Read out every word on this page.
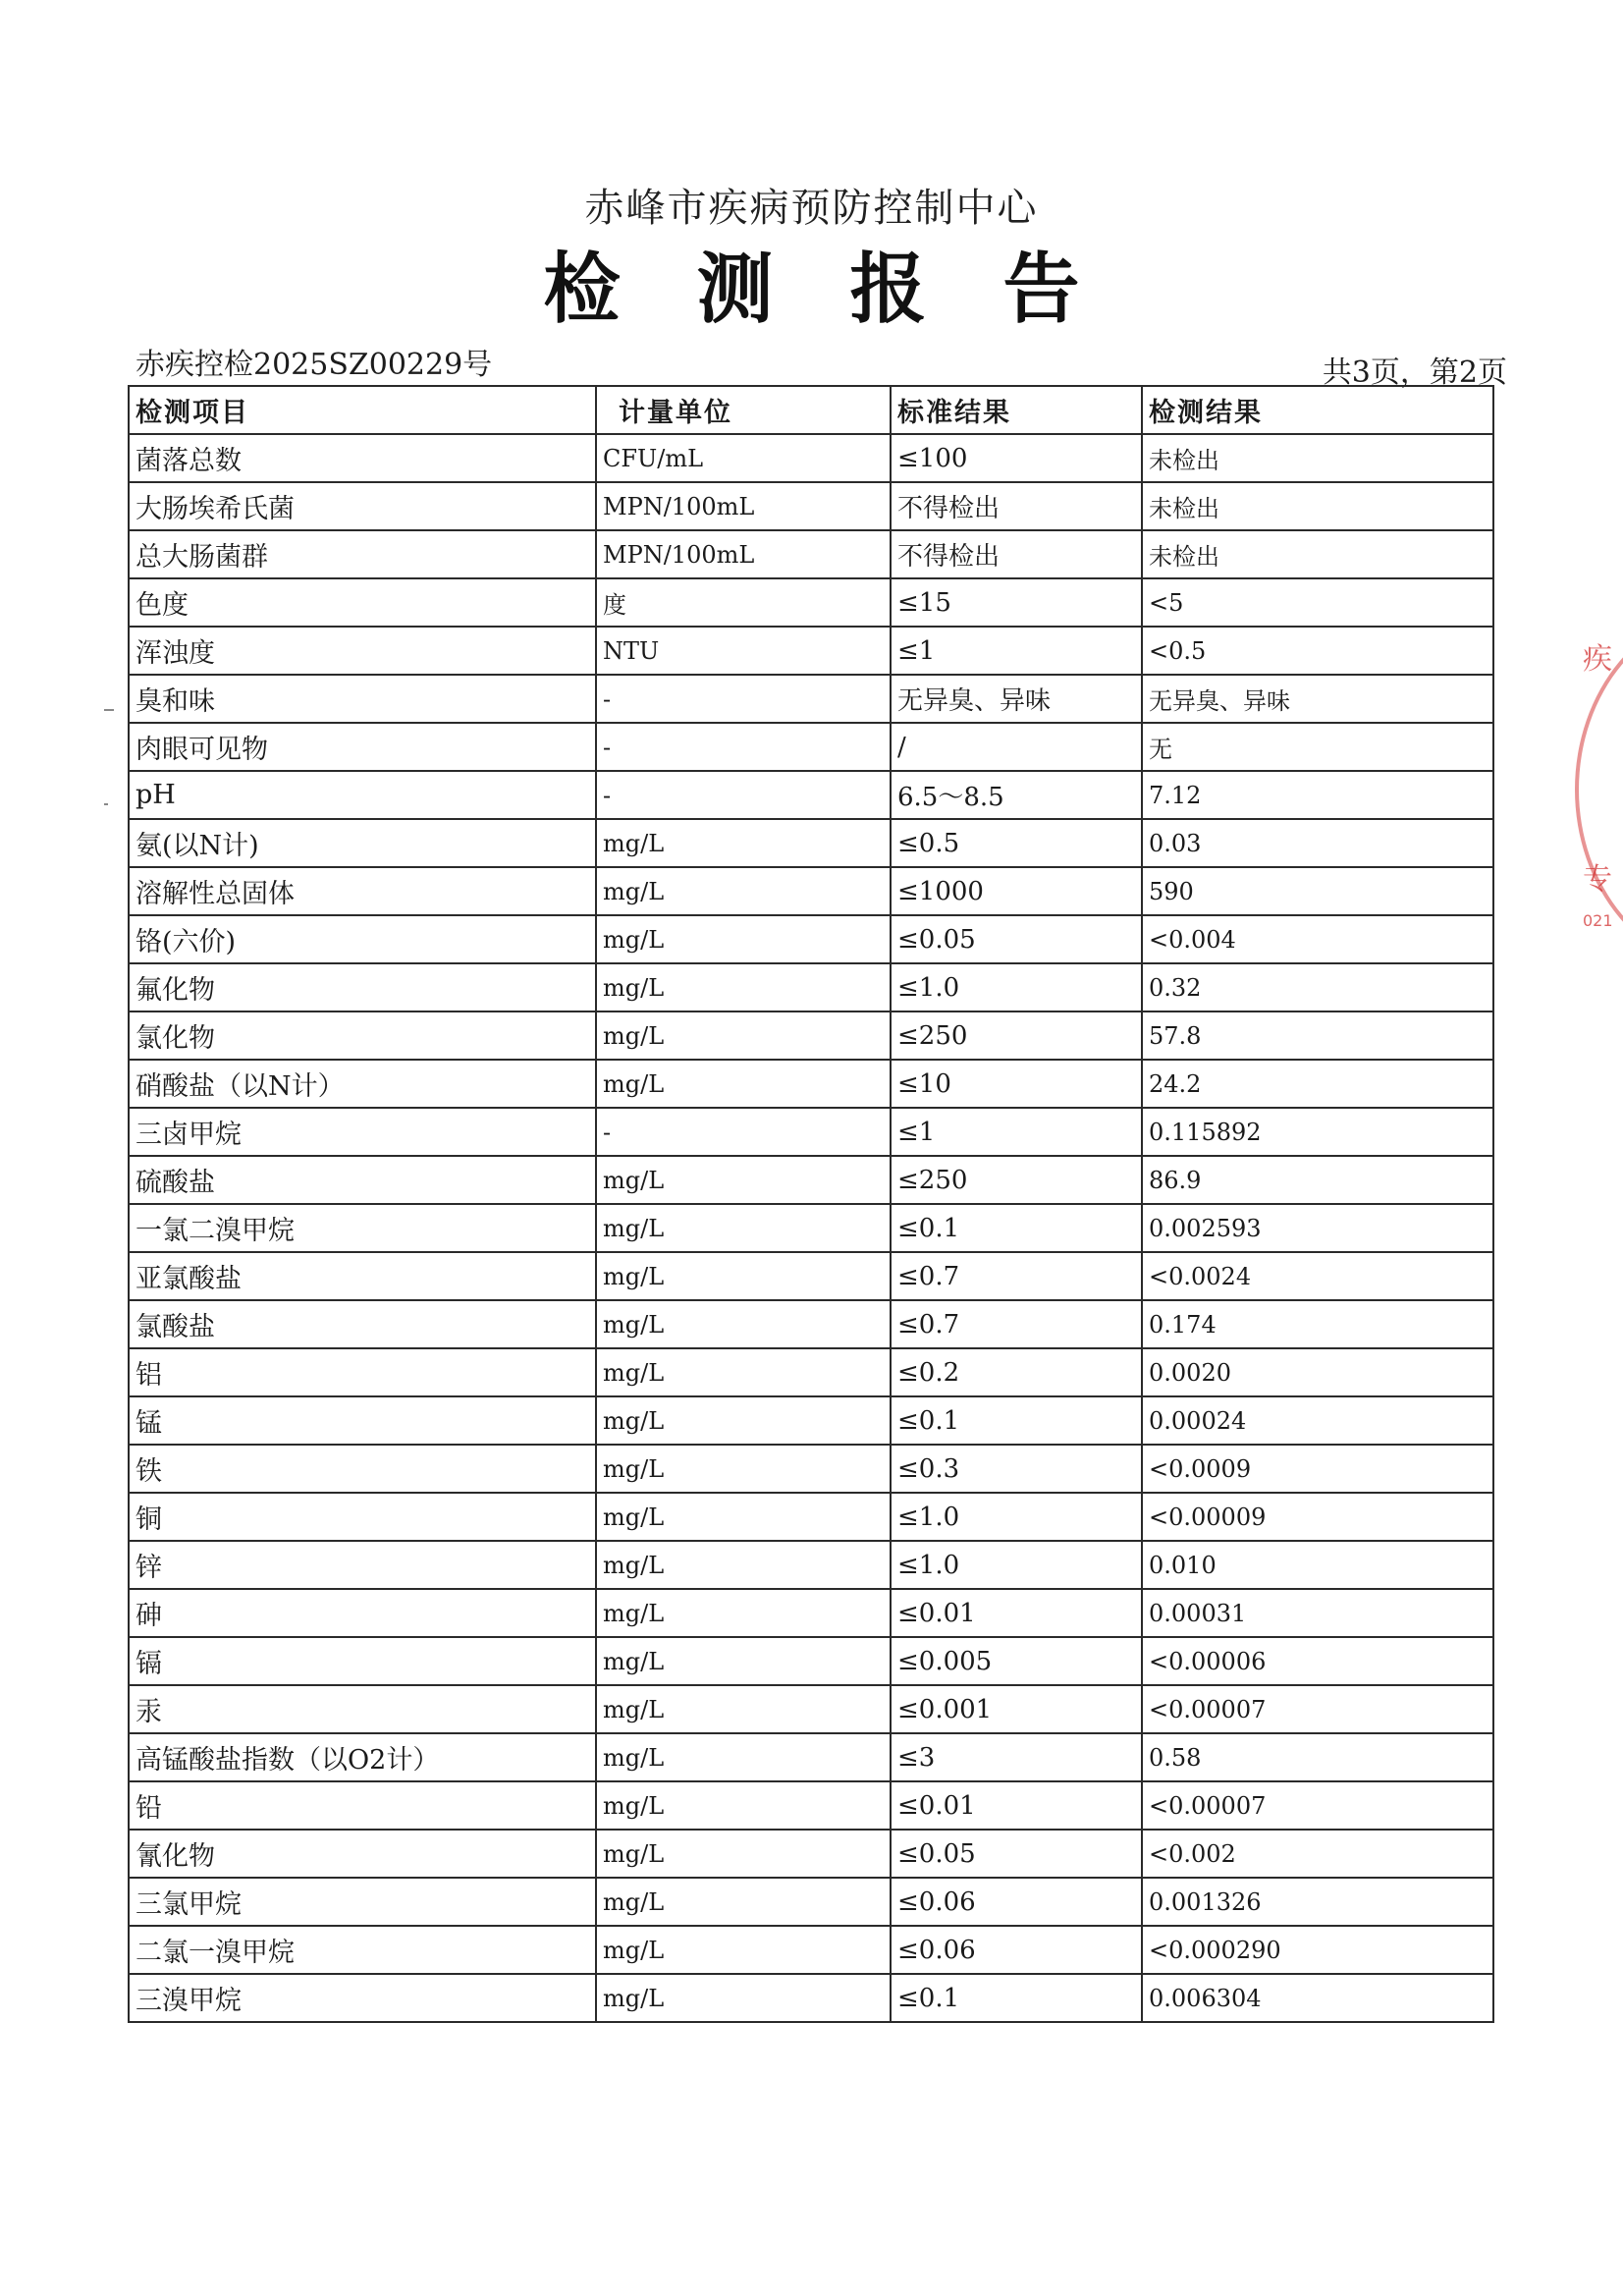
赤峰市疾病预防控制中心
检测报告
赤疾控检2025SZ00229号	共3页，第2页
检测项目	计量单位	标准结果	检测结果
菌落总数	CFU/mL	≤100	未检出
大肠埃希氏菌	MPN/100mL	不得检出	未检出
总大肠菌群	MPN/100mL	不得检出	未检出
色度	度	≤15	<5
浑浊度	NTU	≤1	<0.5
臭和味	-	无异臭、异味	无异臭、异味
肉眼可见物	-	/	无
pH	-	6.5～8.5	7.12
氨(以N计)	mg/L	≤0.5	0.03
溶解性总固体	mg/L	≤1000	590
铬(六价)	mg/L	≤0.05	<0.004
氟化物	mg/L	≤1.0	0.32
氯化物	mg/L	≤250	57.8
硝酸盐（以N计）	mg/L	≤10	24.2
三卤甲烷	-	≤1	0.115892
硫酸盐	mg/L	≤250	86.9
一氯二溴甲烷	mg/L	≤0.1	0.002593
亚氯酸盐	mg/L	≤0.7	<0.0024
氯酸盐	mg/L	≤0.7	0.174
铝	mg/L	≤0.2	0.0020
锰	mg/L	≤0.1	0.00024
铁	mg/L	≤0.3	<0.0009
铜	mg/L	≤1.0	<0.00009
锌	mg/L	≤1.0	0.010
砷	mg/L	≤0.01	0.00031
镉	mg/L	≤0.005	<0.00006
汞	mg/L	≤0.001	<0.00007
高锰酸盐指数（以O2计）	mg/L	≤3	0.58
铅	mg/L	≤0.01	<0.00007
氰化物	mg/L	≤0.05	<0.002
三氯甲烷	mg/L	≤0.06	0.001326
二氯一溴甲烷	mg/L	≤0.06	<0.000290
三溴甲烷	mg/L	≤0.1	0.006304
疾
专
021
